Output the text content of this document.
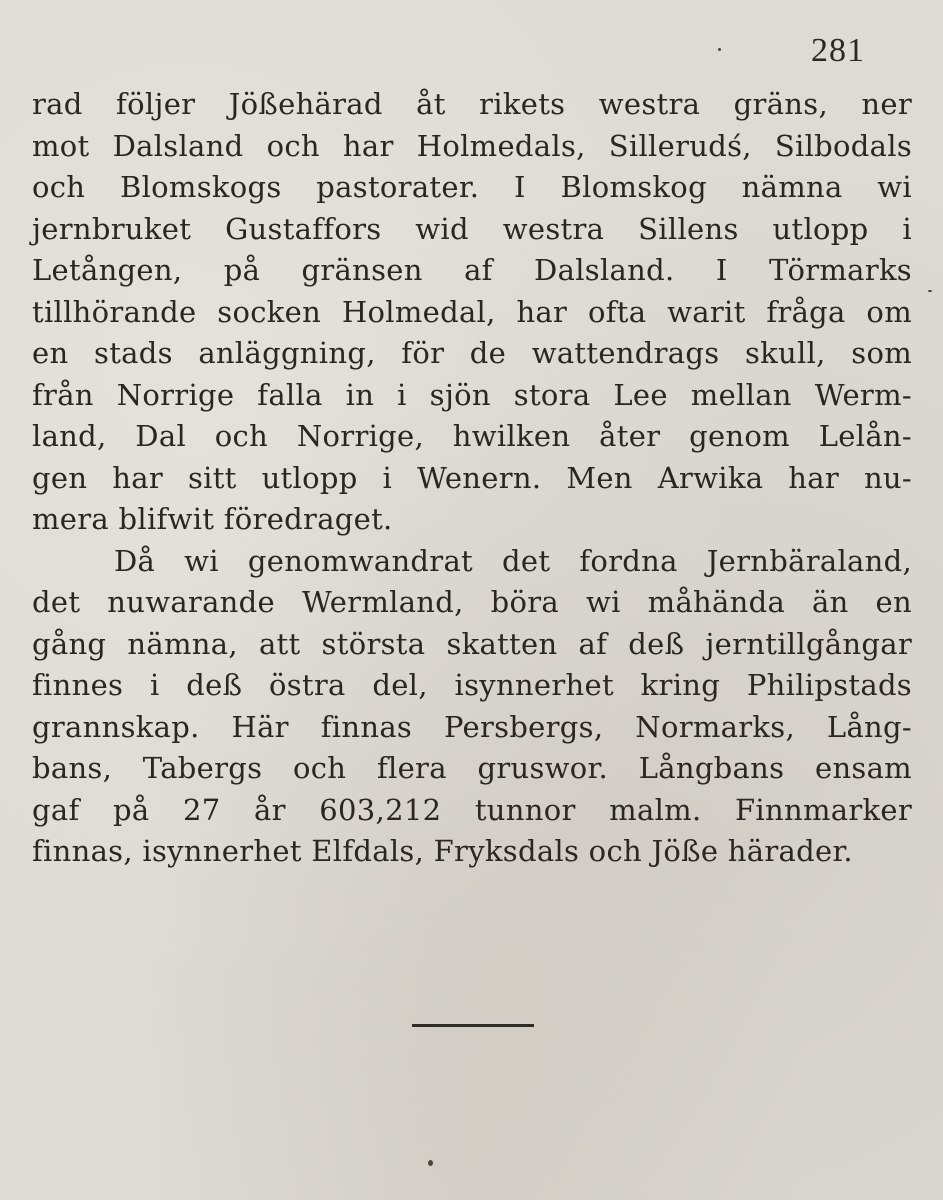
281
rad följer Jößehärad åt rikets westra gräns, ner
mot Dalsland och har Holmedals, Sillerudś, Silbodals
och Blomskogs pastorater. I Blomskog nämna wi
jernbruket Gustaffors wid westra Sillens utlopp i
Letången, på gränsen af Dalsland. I Törmarks
tillhörande socken Holmedal, har ofta warit fråga om
en stads anläggning, för de wattendrags skull, som
från Norrige falla in i sjön stora Lee mellan Werm-
land, Dal och Norrige, hwilken åter genom Lelån-
gen har sitt utlopp i Wenern. Men Arwika har nu-
mera blifwit föredraget.
Då wi genomwandrat det fordna Jernbäraland,
det nuwarande Wermland, böra wi måhända än en
gång nämna, att största skatten af deß jerntillgångar
finnes i deß östra del, isynnerhet kring Philipstads
grannskap. Här finnas Persbergs, Normarks, Lång-
bans, Tabergs och flera gruswor. Långbans ensam
gaf på 27 år 603,212 tunnor malm. Finnmarker
finnas, isynnerhet Elfdals, Fryksdals och Jöße härader.
